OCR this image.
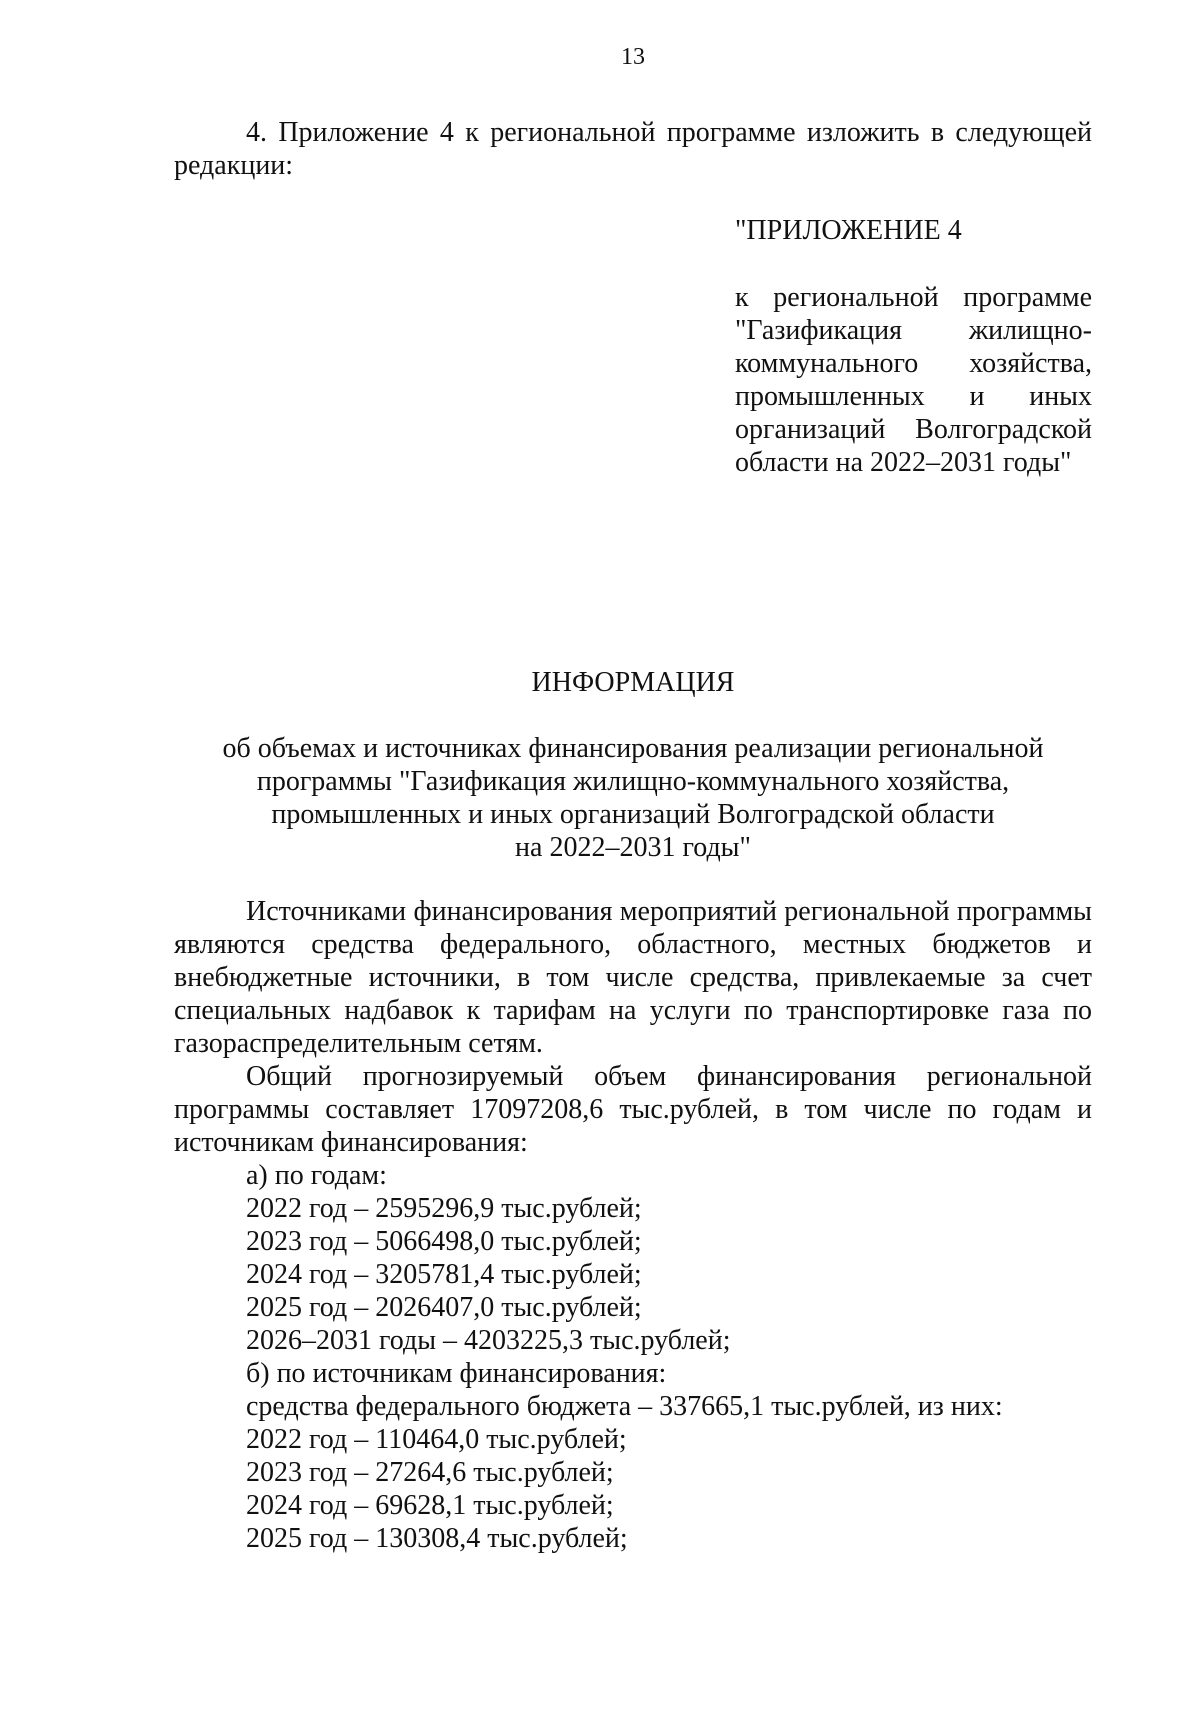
13

4. Приложение 4 к региональной программе изложить в следующей редакции:

"ПРИЛОЖЕНИЕ 4

к региональной программе
"Газификация жилищно-
коммунального хозяйства,
промышленных и иных
организаций Волгоградской
области на 2022–2031 годы"

ИНФОРМАЦИЯ

об объемах и источниках финансирования реализации региональной
программы "Газификация жилищно-коммунального хозяйства,
промышленных и иных организаций Волгоградской области
на 2022–2031 годы"

Источниками финансирования мероприятий региональной программы являются средства федерального, областного, местных бюджетов и внебюджетные источники, в том числе средства, привлекаемые за счет специальных надбавок к тарифам на услуги по транспортировке газа по газораспределительным сетям.

Общий прогнозируемый объем финансирования региональной программы составляет 17097208,6 тыс.рублей, в том числе по годам и источникам финансирования:

а) по годам:

2022 год – 2595296,9 тыс.рублей;

2023 год – 5066498,0 тыс.рублей;

2024 год – 3205781,4 тыс.рублей;

2025 год – 2026407,0 тыс.рублей;

2026–2031 годы – 4203225,3 тыс.рублей;

б) по источникам финансирования:

средства федерального бюджета – 337665,1 тыс.рублей, из них:

2022 год – 110464,0 тыс.рублей;

2023 год – 27264,6 тыс.рублей;

2024 год – 69628,1 тыс.рублей;

2025 год – 130308,4 тыс.рублей;
